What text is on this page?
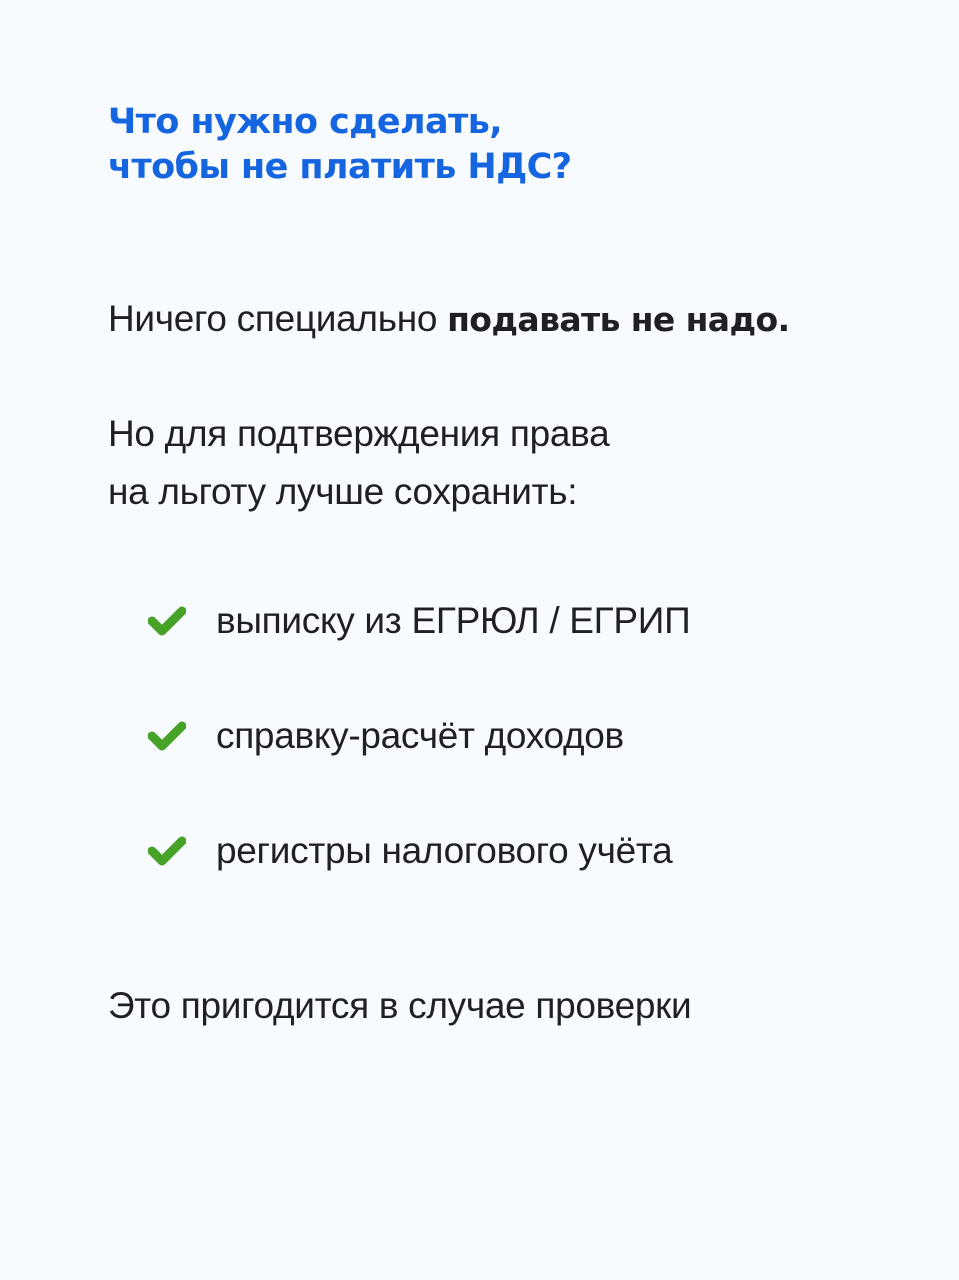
Что нужно сделать,
чтобы не платить НДС?

Ничего специально подавать не надо.

Но для подтверждения права
на льготу лучше сохранить:

выписку из ЕГРЮЛ / ЕГРИП
справку-расчёт доходов
регистры налогового учёта

Это пригодится в случае проверки
